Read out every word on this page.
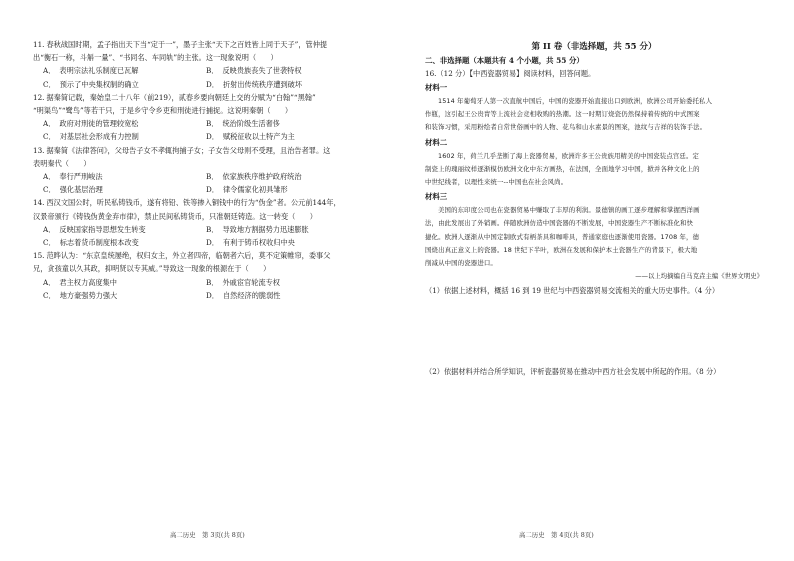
11. 春秋战国时期，孟子指出天下当“定于一”，墨子主张“天下之百姓皆上同于天子”，管仲提
出“衡石一称，斗斛一量”、“书同名、车同轨”的主张。这一现象说明（　　）
A． 表明宗法礼乐制度已瓦解	B． 反映贵族丧失了世袭特权
C． 预示了中央集权制的确立	D． 折射出传统秩序遭到破坏
12. 据秦简记载，秦始皇二十八年（前219），贰春乡要向朝廷上交的分赋为“白翰”“黑翰”
“明渠鸟”“鹭鸟”等若干只，于是乡守令乡吏和刑徒进行捕捉。这说明秦朝（　　）
A． 政府对刑徒的管理较宽松	B． 统治阶级生活奢侈
C． 对基层社会形成有力控制	D． 赋税征收以土特产为主
13. 据秦简《法律答问》，父母告子女不孝辄拘捕子女；子女告父母则不受理，且治告者罪。这
表明秦代（　　）
A． 奉行严刑峻法	B． 依家族秩序维护政府统治
C． 强化基层治理	D． 律令儒家化初具雏形
14. 西汉文国公时，听民私铸钱币，遂有将铅、铁等掺入铜钱中的行为“伪金”者。公元前144年，
汉景帝颁行《铸钱伪黄金弃市律》，禁止民间私铸货币，只准朝廷铸造。这一转变（　　）
A． 反映国家指导思想发生转变	B． 导致地方割据势力迅速膨胀
C． 标志着货币制度根本改变	D． 有利于铸币权收归中央
15. 范晔认为：“东京皇统屡绝，权归女主，外立者四帝，临朝者六后，莫不定策帷帘，委事父
兄，贪孩童以久其政，抑明贤以专其威。”导致这一现象的根源在于（　　）
A． 君主权力高度集中	B． 外戚宦官轮流专权
C． 地方豪强势力强大	D． 自然经济的脆弱性
高二历史　第 3页(共 8页)
第 II 卷（非选择题，共 55 分）
二、非选择题（本题共有 4 个小题，共 55 分）
16.（12 分）【中西瓷器贸易】阅读材料，回答问题。
材料一
1514 年葡萄牙人第一次直航中国后，中国的瓷器开始直接出口到欧洲，欧洲公司开始委托私人
作瓶，这引起王公贵胄等上流社会竞相收购的热潮。这一时期订烧瓷仍然保持着传统的中式图案
和装饰习惯，采用粉绘者自常世俗画中的人物、花鸟和山水素景的图案，池纹与吉祥的装饰手法。
材料二
1602 年，荷兰几乎垄断了海上瓷器贸易，欧洲许多王公贵族用精美的中国瓷装点宫廷。定
制瓷上的瑰丽纹样逐渐模仿欧洲文化中东方画热，在法国，全面地学习中国，掀并各种文化上的
中世纪线者，以理性来统一--中国也在社会风尚。
材料三
美国的东印度公司也在瓷器贸易中赚取了丰厚的利润。景德镇的画工逐步理解和掌握西洋画
法，由此发展出了外销画。伴随欧洲仿造中国瓷器的不断发展，中国瓷器生产不断标准化和快
捷化。欧洲人逐渐从中国定制欧式有柄茶具和咖啡具，普通家庭也逐渐使用瓷器。1708 年，德
国烧出真正意义上的瓷器。18 世纪下半叶，欧洲在发展和保护本土瓷器生产的背景下，极大地
削减从中国的瓷器进口。
——以上均摘编自马克垚主编《世界文明史》
（1）依据上述材料，概括 16 到 19 世纪与中西瓷器贸易交流相关的重大历史事件。（4 分）
（2）依据材料并结合所学知识，评析瓷器贸易在推动中西方社会发展中所起的作用。（8 分）
高二历史　第 4页(共 8页)
